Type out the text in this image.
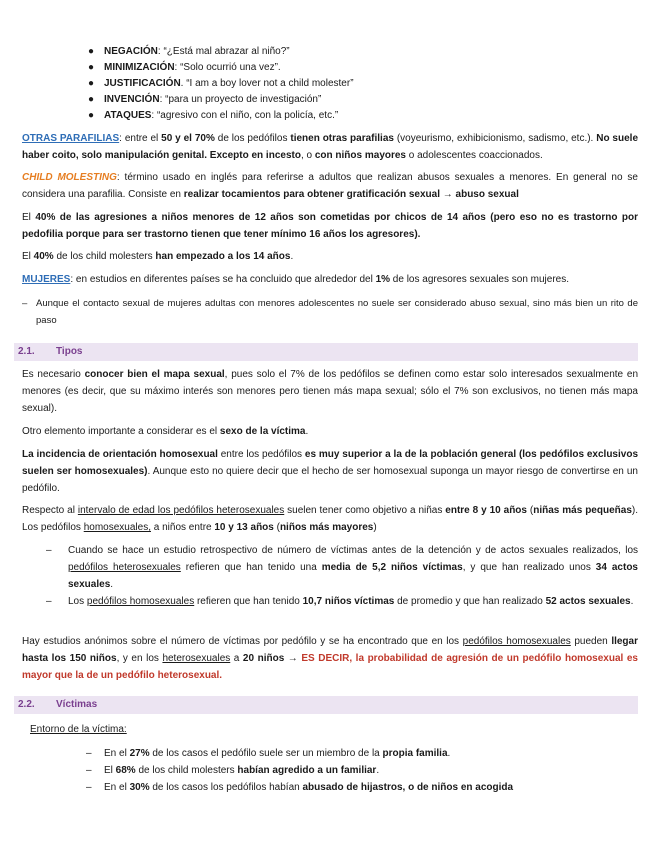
● NEGACIÓN: “¿Está mal abrazar al niño?”
● MINIMIZACIÓN: “Solo ocurrió una vez”.
● JUSTIFICACIÓN. “I am a boy lover not a child molester”
● INVENCIÓN: “para un proyecto de investigación”
● ATAQUES: “agresivo con el niño, con la policía, etc.”

OTRAS PARAFILIAS: entre el 50 y el 70% de los pedófilos tienen otras parafilias (voyeurismo, exhibicionismo, sadismo, etc.). No suele haber coito, solo manipulación genital. Excepto en incesto, o con niños mayores o adolescentes coaccionados.

CHILD MOLESTING: término usado en inglés para referirse a adultos que realizan abusos sexuales a menores. En general no se considera una parafilia. Consiste en realizar tocamientos para obtener gratificación sexual → abuso sexual

El 40% de las agresiones a niños menores de 12 años son cometidas por chicos de 14 años (pero eso no es trastorno por pedofilia porque para ser trastorno tienen que tener mínimo 16 años los agresores).

El 40% de los child molesters han empezado a los 14 años.

MUJERES: en estudios en diferentes países se ha concluido que alrededor del 1% de los agresores sexuales son mujeres.

– Aunque el contacto sexual de mujeres adultas con menores adolescentes no suele ser considerado abuso sexual, sino más bien un rito de paso
2.1. Tipos

Es necesario conocer bien el mapa sexual, pues solo el 7% de los pedófilos se definen como estar solo interesados sexualmente en menores (es decir, que su máximo interés son menores pero tienen más mapa sexual; sólo el 7% son exclusivos, no tienen más mapa sexual).

Otro elemento importante a considerar es el sexo de la víctima.

La incidencia de orientación homosexual entre los pedófilos es muy superior a la de la población general (los pedófilos exclusivos suelen ser homosexuales). Aunque esto no quiere decir que el hecho de ser homosexual suponga un mayor riesgo de convertirse en un pedófilo.

Respecto al intervalo de edad los pedófilos heterosexuales suelen tener como objetivo a niñas entre 8 y 10 años (niñas más pequeñas). Los pedófilos homosexuales, a niños entre 10 y 13 años (niños más mayores)

– Cuando se hace un estudio retrospectivo de número de víctimas antes de la detención y de actos sexuales realizados, los pedófilos heterosexuales refieren que han tenido una media de 5,2 niños víctimas, y que han realizado unos 34 actos sexuales.
– Los pedófilos homosexuales refieren que han tenido 10,7 niños víctimas de promedio y que han realizado 52 actos sexuales.

Hay estudios anónimos sobre el número de víctimas por pedófilo y se ha encontrado que en los pedófilos homosexuales pueden llegar hasta los 150 niños, y en los heterosexuales a 20 niños → ES DECIR, la probabilidad de agresión de un pedófilo homosexual es mayor que la de un pedófilo heterosexual.

2.2. Víctimas

Entorno de la víctima:

– En el 27% de los casos el pedófilo suele ser un miembro de la propia familia.
– El 68% de los child molesters habían agredido a un familiar.
– En el 30% de los casos los pedófilos habían abusado de hijastros, o de niños en acogida
